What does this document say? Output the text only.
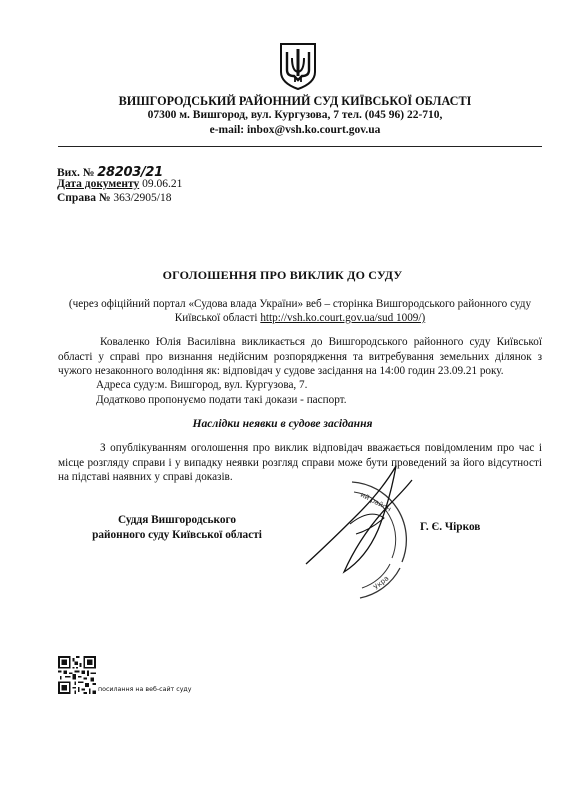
ВИШГОРОДСЬКИЙ РАЙОННИЙ СУД КИЇВСЬКОЇ ОБЛАСТІ
07300 м. Вишгород, вул. Кургузова, 7 тел. (045 96) 22-710,
e-mail: inbox@vsh.ko.court.gov.ua
Вих. № 28203/21
Дата документу 09.06.21
Справа № 363/2905/18
ОГОЛОШЕННЯ ПРО ВИКЛИК ДО СУДУ
(через офіційний портал «Судова влада України» веб – сторінка Вишгородського районного суду
Київської області http://vsh.ko.court.gov.ua/sud 1009/)
Коваленко Юлія Василівна викликається до Вишгородського районного суду Київської області у справі про визнання недійсним розпорядження та витребування земельних ділянок з чужого незаконного володіння як: відповідач у судове засідання на 14:00 годин 23.09.21 року.
Адреса суду:м. Вишгород, вул. Кургузова, 7.
Додатково пропонуємо подати такі докази - паспорт.
Наслідки неявки в судове засідання
З опублікуванням оголошення про виклик відповідач вважається повідомленим про час і місце розгляду справи і у випадку неявки розгляд справи може бути проведений за його відсутності на підставі наявних у справі доказів.
Суддя Вишгородського
районного суду Київської області
ий район
Укра
Г. Є. Чірков
посилання на веб-сайт суду
